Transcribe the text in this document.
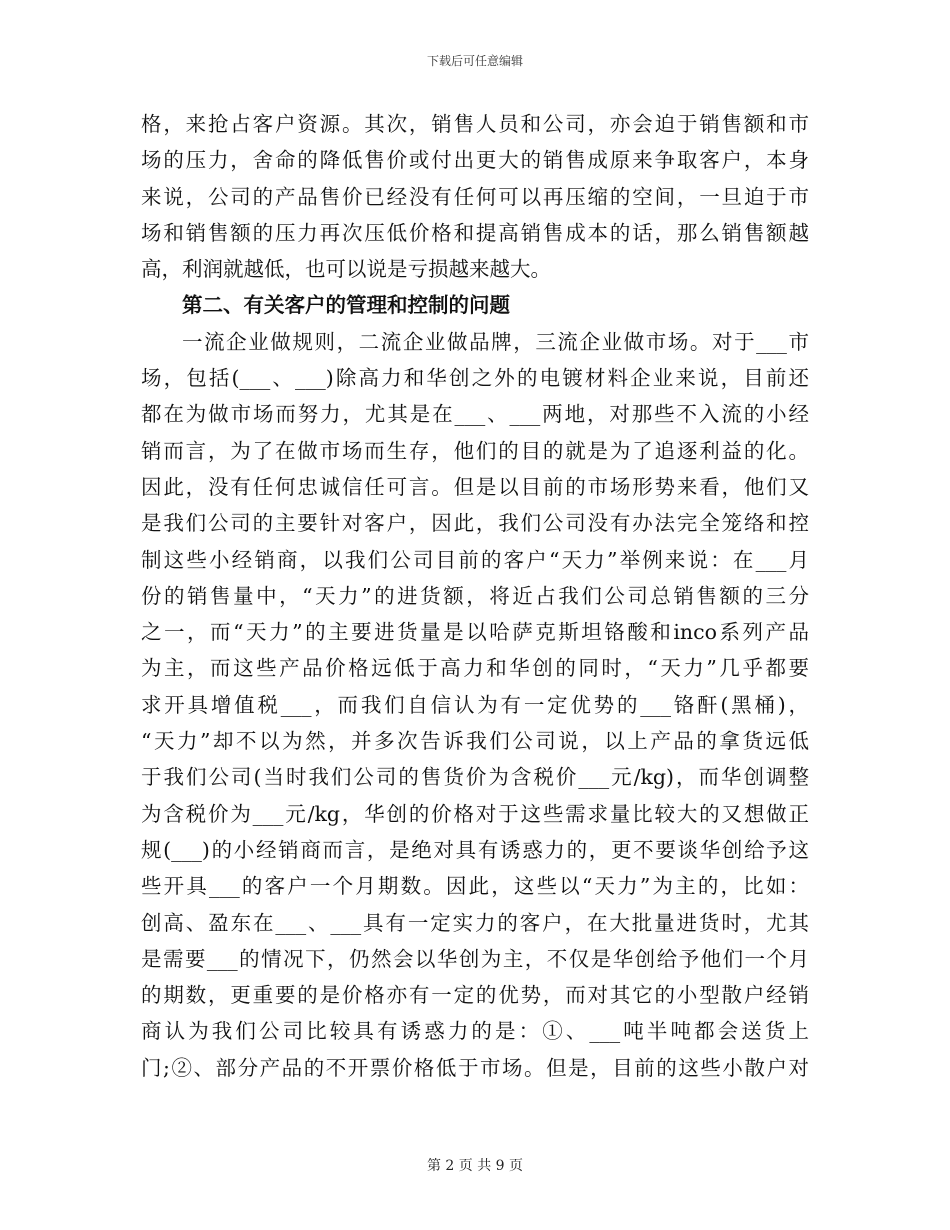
下载后可任意编辑
格，来抢占客户资源。其次，销售人员和公司，亦会迫于销售额和市
场的压力，舍命的降低售价或付出更大的销售成原来争取客户，本身
来说，公司的产品售价已经没有任何可以再压缩的空间，一旦迫于市
场和销售额的压力再次压低价格和提高销售成本的话，那么销售额越
高，利润就越低，也可以说是亏损越来越大。
第二、有关客户的管理和控制的问题
一流企业做规则，二流企业做品牌，三流企业做市场。对于___市
场，包括(___、___)除高力和华创之外的电镀材料企业来说，目前还
都在为做市场而努力，尤其是在___、___两地，对那些不入流的小经
销而言，为了在做市场而生存，他们的目的就是为了追逐利益的化。
因此，没有任何忠诚信任可言。但是以目前的市场形势来看，他们又
是我们公司的主要针对客户，因此，我们公司没有办法完全笼络和控
制这些小经销商，以我们公司目前的客户“天力”举例来说：在___月
份的销售量中，“天力”的进货额，将近占我们公司总销售额的三分
之一，而“天力”的主要进货量是以哈萨克斯坦铬酸和inco系列产品
为主，而这些产品价格远低于高力和华创的同时，“天力”几乎都要
求开具增值税___，而我们自信认为有一定优势的___铬酐(黑桶)，
“天力”却不以为然，并多次告诉我们公司说，以上产品的拿货远低
于我们公司(当时我们公司的售货价为含税价___元/kg)，而华创调整
为含税价为___元/kg，华创的价格对于这些需求量比较大的又想做正
规(___)的小经销商而言，是绝对具有诱惑力的，更不要谈华创给予这
些开具___的客户一个月期数。因此，这些以“天力”为主的，比如：
创高、盈东在___、___具有一定实力的客户，在大批量进货时，尤其
是需要___的情况下，仍然会以华创为主，不仅是华创给予他们一个月
的期数，更重要的是价格亦有一定的优势，而对其它的小型散户经销
商认为我们公司比较具有诱惑力的是：①、___吨半吨都会送货上
门;②、部分产品的不开票价格低于市场。但是，目前的这些小散户对
第 2 页 共 9 页
